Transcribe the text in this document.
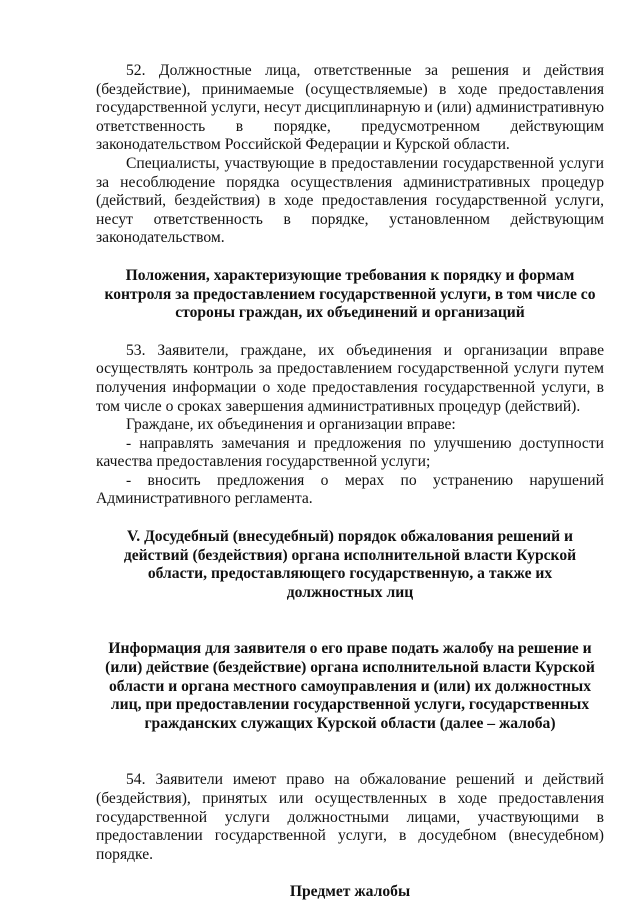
52. Должностные лица, ответственные за решения и действия (бездействие), принимаемые (осуществляемые) в ходе предоставления государственной услуги, несут дисциплинарную и (или) административную ответственность в порядке, предусмотренном действующим законодательством Российской Федерации и Курской области.

Специалисты, участвующие в предоставлении государственной услуги за несоблюдение порядка осуществления административных процедур (действий, бездействия) в ходе предоставления государственной услуги, несут ответственность в порядке, установленном действующим законодательством.

Положения, характеризующие требования к порядку и формам контроля за предоставлением государственной услуги, в том числе со стороны граждан, их объединений и организаций

53. Заявители, граждане, их объединения и организации вправе осуществлять контроль за предоставлением государственной услуги путем получения информации о ходе предоставления государственной услуги, в том числе о сроках завершения административных процедур (действий).

Граждане, их объединения и организации вправе:

- направлять замечания и предложения по улучшению доступности качества предоставления государственной услуги;

- вносить предложения о мерах по устранению нарушений Административного регламента.

V. Досудебный (внесудебный) порядок обжалования решений и действий (бездействия) органа исполнительной власти Курской области, предоставляющего государственную, а также их должностных лиц

Информация для заявителя о его праве подать жалобу на решение и (или) действие (бездействие) органа исполнительной власти Курской области и органа местного самоуправления и (или) их должностных лиц, при предоставлении государственной услуги, государственных гражданских служащих Курской области (далее – жалоба)

54. Заявители имеют право на обжалование решений и действий (бездействия), принятых или осуществленных в ходе предоставления государственной услуги должностными лицами, участвующими в предоставлении государственной услуги, в досудебном (внесудебном) порядке.

Предмет жалобы
